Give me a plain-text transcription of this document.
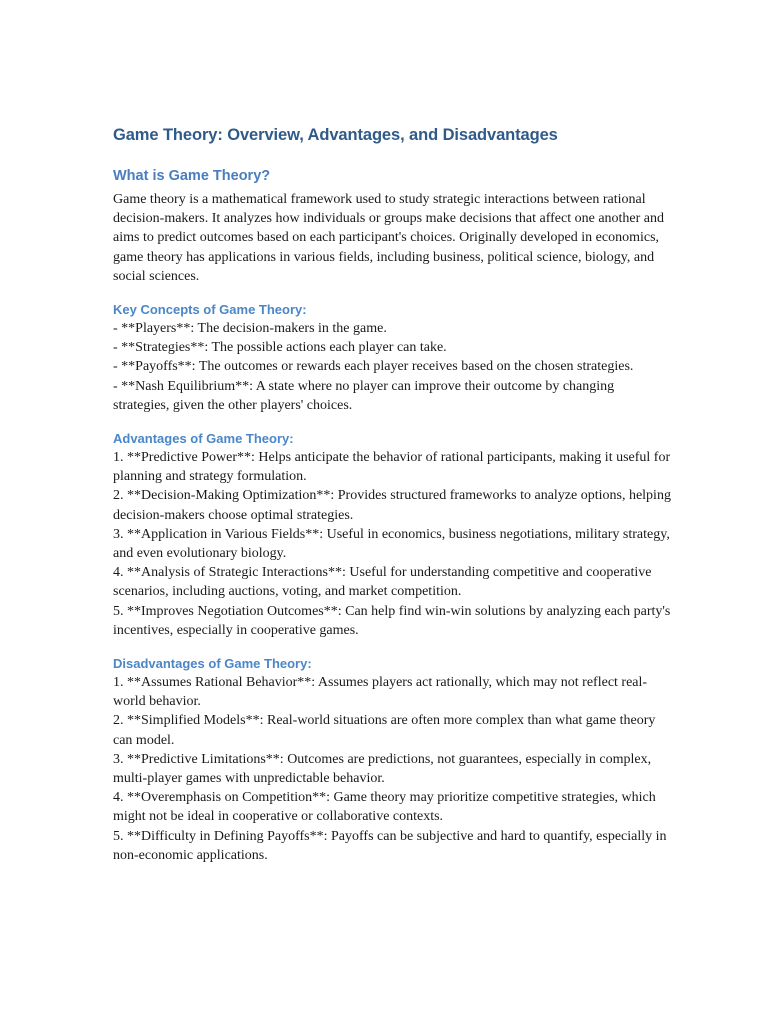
Game Theory: Overview, Advantages, and Disadvantages
What is Game Theory?

Game theory is a mathematical framework used to study strategic interactions between rational decision-makers. It analyzes how individuals or groups make decisions that affect one another and aims to predict outcomes based on each participant's choices. Originally developed in economics, game theory has applications in various fields, including business, political science, biology, and social sciences.

Key Concepts of Game Theory:
- **Players**: The decision-makers in the game.
- **Strategies**: The possible actions each player can take.
- **Payoffs**: The outcomes or rewards each player receives based on the chosen strategies.
- **Nash Equilibrium**: A state where no player can improve their outcome by changing strategies, given the other players' choices.
Advantages of Game Theory:
1. **Predictive Power**: Helps anticipate the behavior of rational participants, making it useful for planning and strategy formulation.
2. **Decision-Making Optimization**: Provides structured frameworks to analyze options, helping decision-makers choose optimal strategies.
3. **Application in Various Fields**: Useful in economics, business negotiations, military strategy, and even evolutionary biology.
4. **Analysis of Strategic Interactions**: Useful for understanding competitive and cooperative scenarios, including auctions, voting, and market competition.
5. **Improves Negotiation Outcomes**: Can help find win-win solutions by analyzing each party's incentives, especially in cooperative games.
Disadvantages of Game Theory:
1. **Assumes Rational Behavior**: Assumes players act rationally, which may not reflect real-world behavior.
2. **Simplified Models**: Real-world situations are often more complex than what game theory can model.
3. **Predictive Limitations**: Outcomes are predictions, not guarantees, especially in complex, multi-player games with unpredictable behavior.
4. **Overemphasis on Competition**: Game theory may prioritize competitive strategies, which might not be ideal in cooperative or collaborative contexts.
5. **Difficulty in Defining Payoffs**: Payoffs can be subjective and hard to quantify, especially in non-economic applications.
